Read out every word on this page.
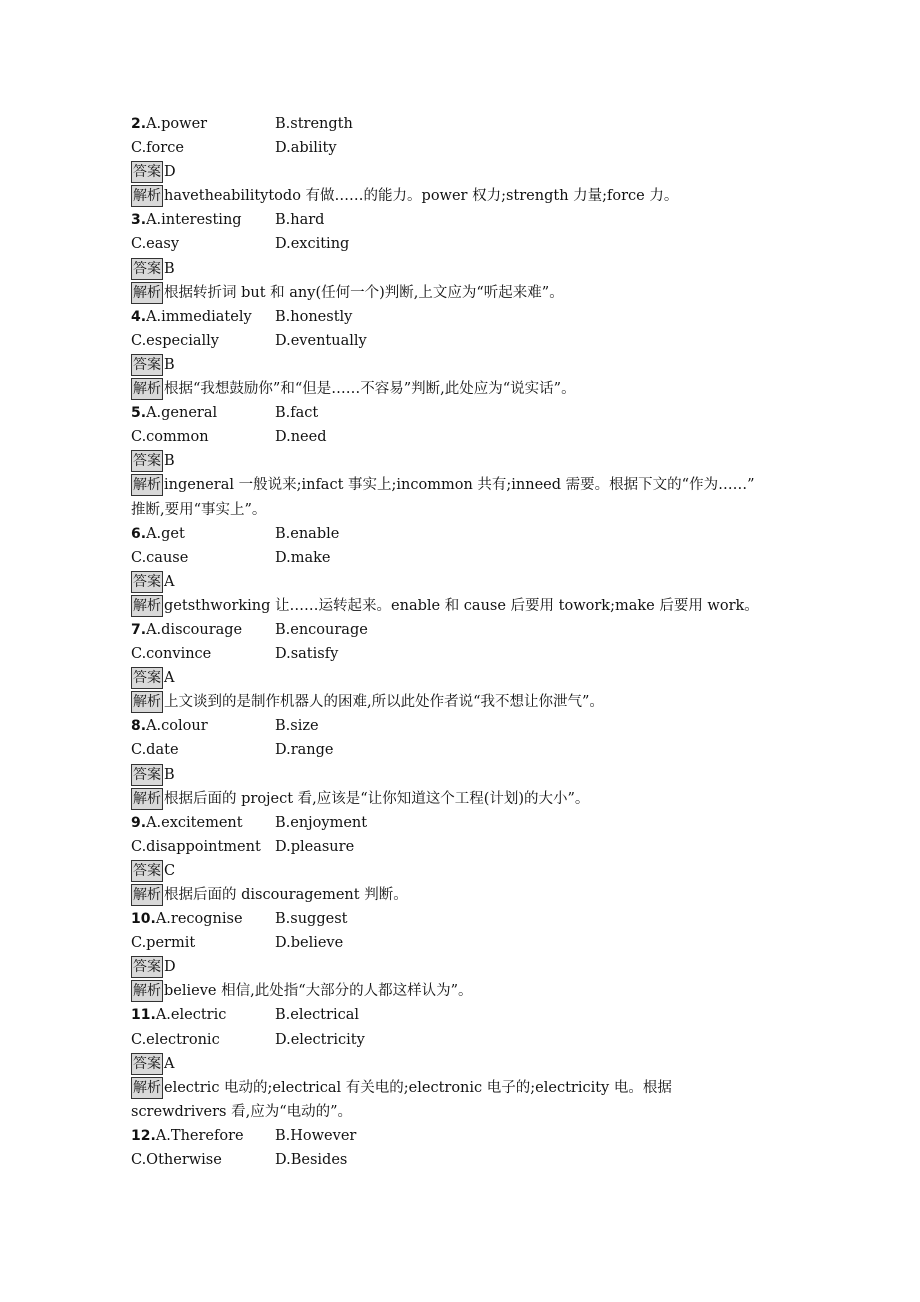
2.A.power	B.strength
C.force	D.ability
答案 D
解析 havetheabilitytodo 有做……的能力。power 权力;strength 力量;force 力。
3.A.interesting	B.hard
C.easy	D.exciting
答案 B
解析 根据转折词 but 和 any(任何一个)判断,上文应为“听起来难”。
4.A.immediately	B.honestly
C.especially	D.eventually
答案 B
解析 根据“我想鼓励你”和“但是……不容易”判断,此处应为“说实话”。
5.A.general	B.fact
C.common	D.need
答案 B
解析 ingeneral 一般说来;infact 事实上;incommon 共有;inneed 需要。根据下文的“作为……”
推断,要用“事实上”。
6.A.get	B.enable
C.cause	D.make
答案 A
解析 getsthworking 让……运转起来。enable 和 cause 后要用 towork;make 后要用 work。
7.A.discourage	B.encourage
C.convince	D.satisfy
答案 A
解析 上文谈到的是制作机器人的困难,所以此处作者说“我不想让你泄气”。
8.A.colour	B.size
C.date	D.range
答案 B
解析 根据后面的 project 看,应该是“让你知道这个工程(计划)的大小”。
9.A.excitement	B.enjoyment
C.disappointment D.pleasure
答案 C
解析 根据后面的 discouragement 判断。
10.A.recognise	B.suggest
C.permit	D.believe
答案 D
解析 believe 相信,此处指“大部分的人都这样认为”。
11.A.electric	B.electrical
C.electronic	D.electricity
答案 A
解析 electric 电动的;electrical 有关电的;electronic 电子的;electricity 电。根据
screwdrivers 看,应为“电动的”。
12.A.Therefore	B.However
C.Otherwise	D.Besides
